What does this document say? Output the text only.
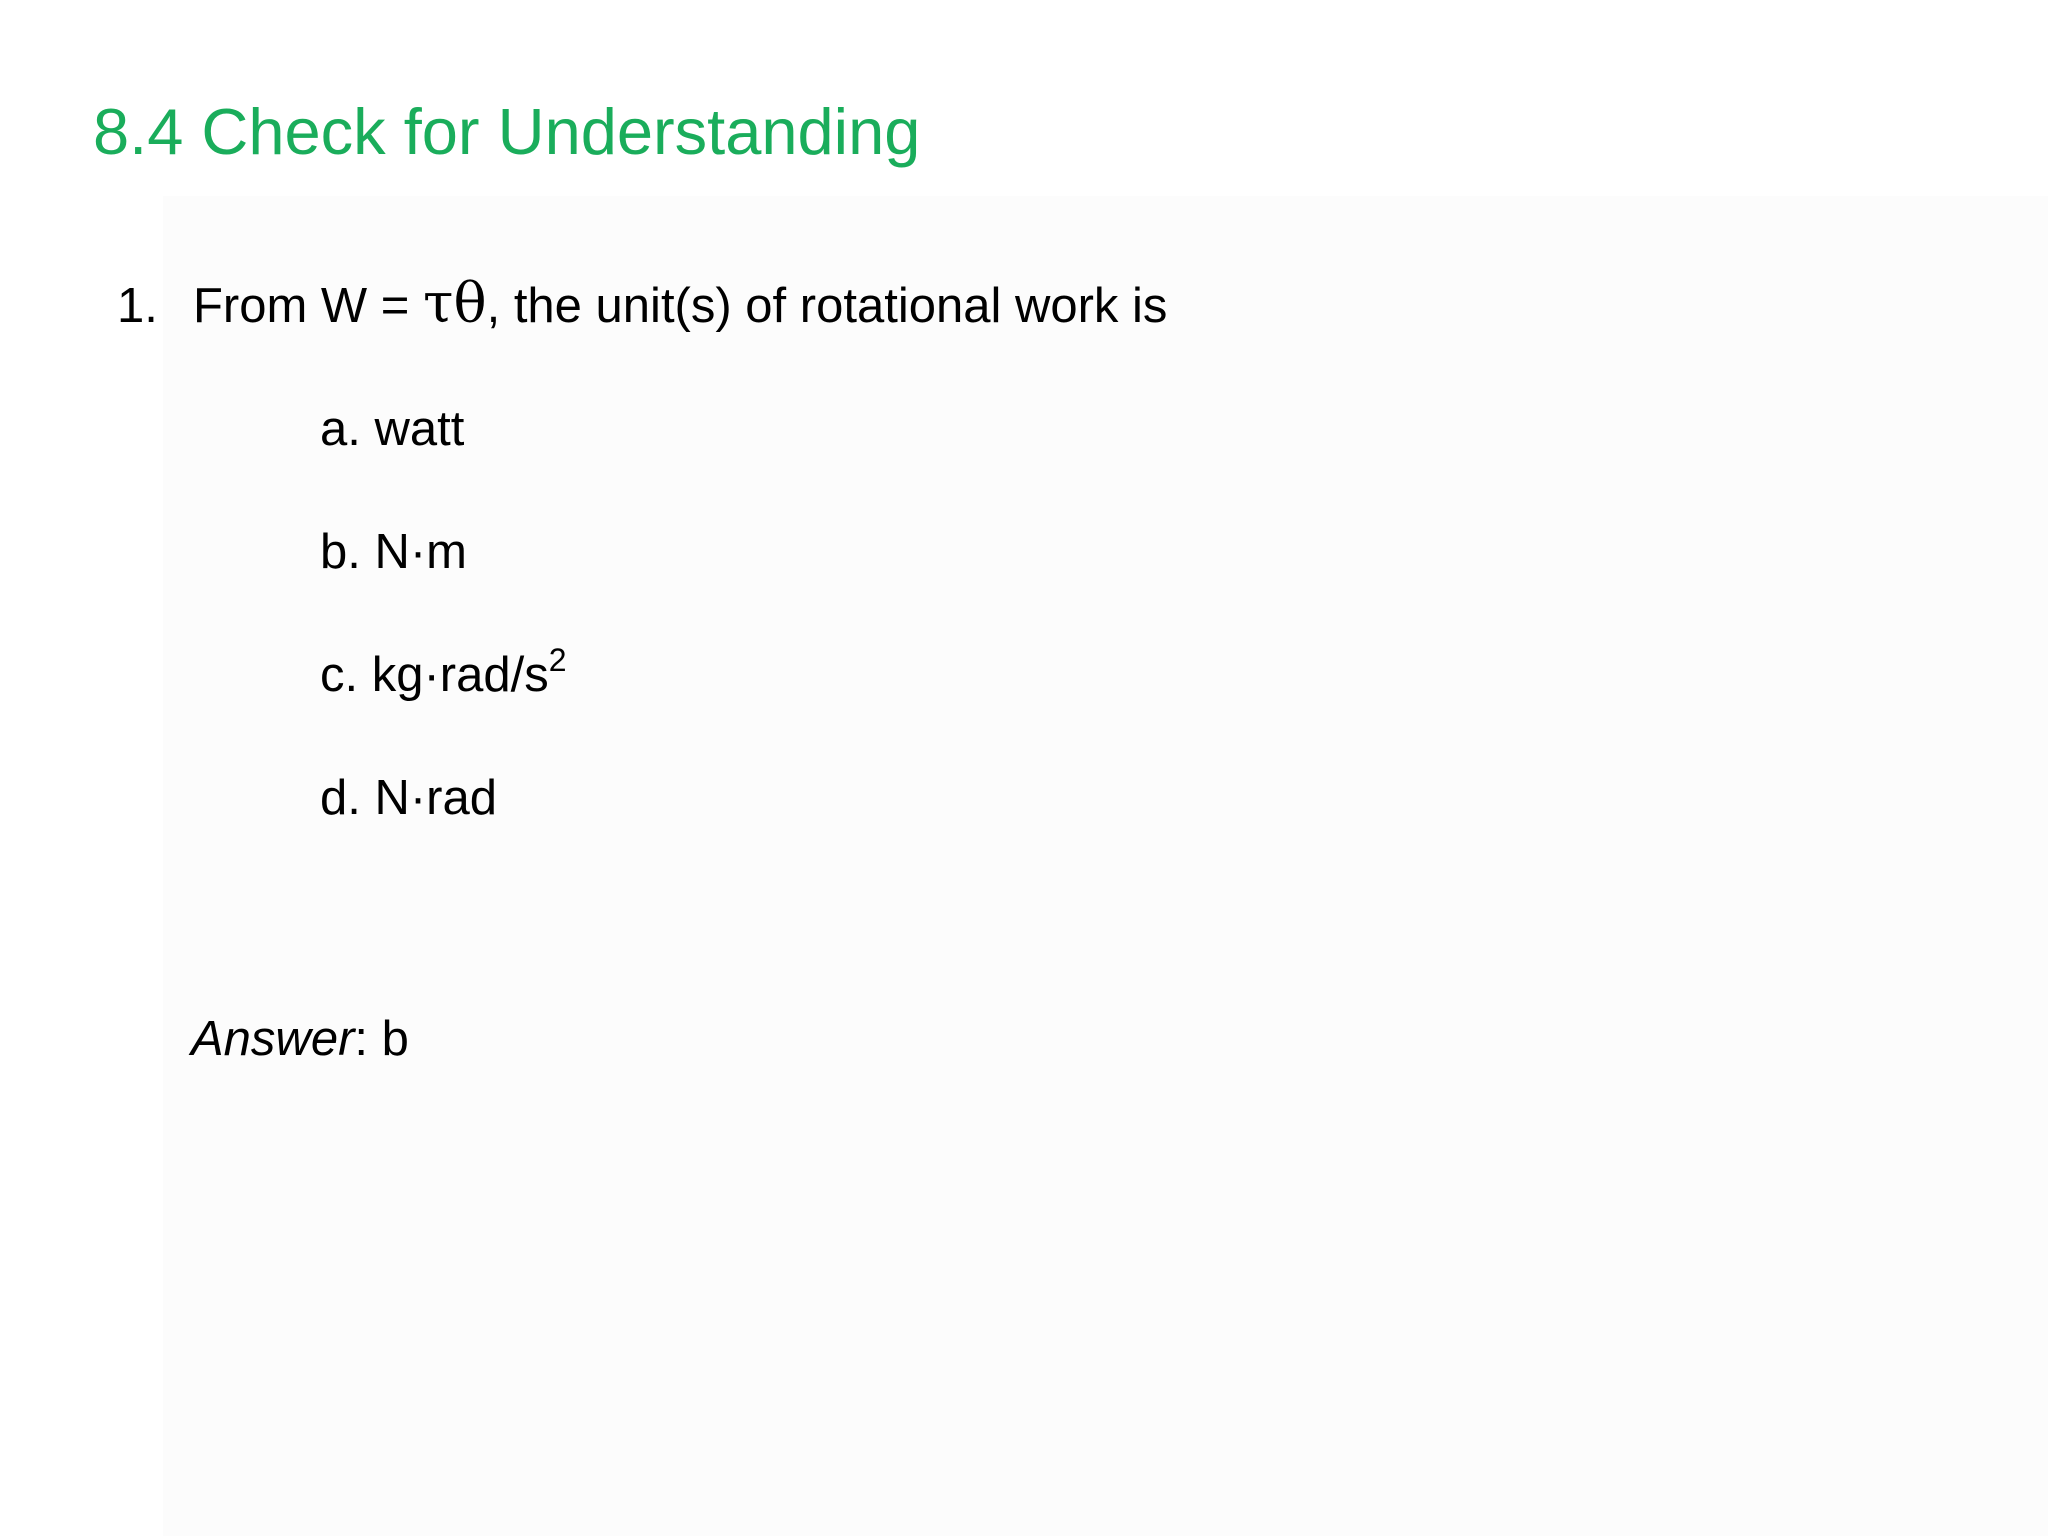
8.4 Check for Understanding
1. From W = τθ, the unit(s) of rotational work is
a. watt
b. N·m
c. $kg\cdot rad/s^2$
d. N·rad
Answer: b
